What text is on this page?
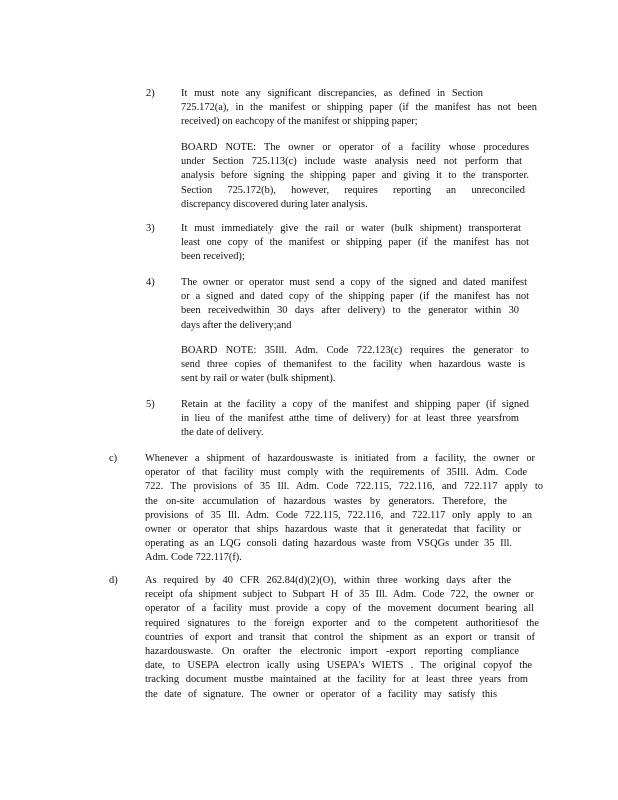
2)	It must note any significant discrepancies, as defined in Section
725.172(a), in the manifest or shipping paper (if the manifest has not been
received) on eachcopy of the manifest or shipping paper;
BOARD NOTE: The owner or operator of a facility whose procedures
under Section 725.113(c) include waste analysis need not perform that
analysis before signing the shipping paper and giving it to the transporter.
Section 725.172(b), however, requires reporting an unreconciled
discrepancy discovered during later analysis.
3)	It must immediately give the rail or water (bulk shipment) transporterat
least one copy of the manifest or shipping paper (if the manifest has not
been received);
4)	The owner or operator must send a copy of the signed and dated manifest
or a signed and dated copy of the shipping paper (if the manifest has not
been receivedwithin 30 days after delivery) to the generator within 30
days after the delivery;and
BOARD NOTE: 35Ill. Adm. Code 722.123(c) requires the generator to
send three copies of themanifest to the facility when hazardous waste is
sent by rail or water (bulk shipment).
5)	Retain at the facility a copy of the manifest and shipping paper (if signed
in lieu of the manifest atthe time of delivery) for at least three yearsfrom
the date of delivery.
c)	Whenever a shipment of hazardouswaste is initiated from a facility, the owner or
operator of that facility must comply with the requirements of 35Ill. Adm. Code
722. The provisions of 35 Ill. Adm. Code 722.115, 722.116, and 722.117 apply to
the on-site accumulation of hazardous wastes by generators. Therefore, the
provisions of 35 Ill. Adm. Code 722.115, 722.116, and 722.117 only apply to an
owner or operator that ships hazardous waste that it generatedat that facility or
operating as an LQG consoli dating hazardous waste from VSQGs under 35 Ill.
Adm. Code 722.117(f).
d)	As required by 40 CFR 262.84(d)(2)(O), within three working days after the
receipt ofa shipment subject to Subpart H of 35 Ill. Adm. Code 722, the owner or
operator of a facility must provide a copy of the movement document bearing all
required signatures to the foreign exporter and to the competent authoritiesof the
countries of export and transit that control the shipment as an export or transit of
hazardouswaste. On orafter the electronic import -export reporting compliance
date, to USEPA electron ically using USEPA's WIETS . The original copyof the
tracking document mustbe maintained at the facility for at least three years from
the date of signature. The owner or operator of a facility may satisfy this
